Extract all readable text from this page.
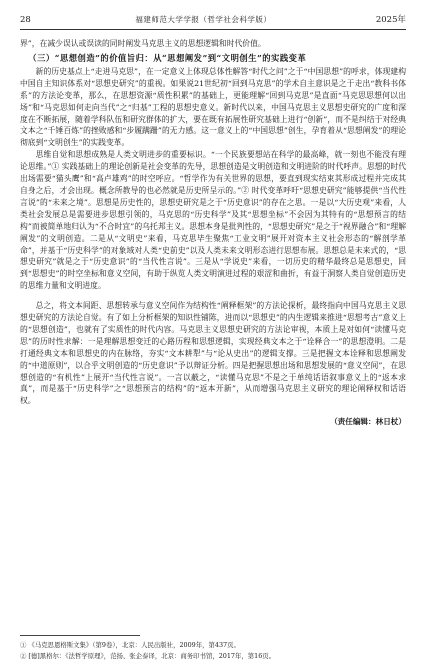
28	福建师范大学学报（哲学社会科学版）	2025年

界”，在减少误认或误读的同时阐发马克思主义的思想逻辑和时代价值。

（三）“思想创造”的价值旨归：从“思想阐发”到“文明创生”的实践变革

新的历史基点上“走进马克思”，在一定意义上体现总体性解答“时代之问”之于“中国思想”的呼求，体现建构中国自主知识体系对“思想史研究”的重视。如果说21世纪初“回到马克思”的学术自主意识是之于走出“教科书体系”的方法论变革，那么，在思想资源“质性积累”的基础上，更能理解“回到马克思”是直面“马克思思想何以出场”和“马克思如何走向当代”之“归基”工程的思想史意义。新时代以来，中国马克思主义思想史研究的广度和深度在不断拓展，随着学科队伍和研究群体的扩大，要在既有拓展性研究基础上进行“创新”，而不是纠结于对经典文本之“千锤百炼”的挫败感和“步履蹒跚”的无力感。这一意义上的“中国思想”创生，孕育着从“思想阐发”的理论彻底到“文明创生”的实践变革。

思维自觉和思想成熟是人类文明进步的重要标识。“一个民族要想站在科学的最高峰，就一刻也不能没有理论思维。”① 实践基础上的理论创新是社会变革的先导，思想创造是文明创造和文明进阶的时代呼声。思想的时代出场需要“猫头鹰”和“高卢雄鸡”的时空呼应。“哲学作为有关世界的思想，要直到现实结束其形成过程并完成其自身之后，才会出现。概念所教导的也必然就是历史所呈示的。”② 时代变革呼吁“思想史研究”能够提供“当代性言说”的“未来之境”。思想是历史性的，思想史研究是之于“历史意识”的存在之思。一是以“大历史观”来看，人类社会发展总是需要进步思想引领的，马克思的“历史科学”及其“思想坐标”不会因为其特有的“思想预言的结构”而被简单地归认为“不合时宜”的乌托邦主义。思想本身是批判性的，“思想史研究”是之于“视界融合”和“理解阐发”的文明创造。二是从“文明史”来看，马克思毕生聚焦“工业文明”展开对资本主义社会形态的“解剖学革命”，并基于“历史科学”的对象域对人类“史前史”以及人类未来文明形态进行思想布展。思想总是未来式的，“思想史研究”就是之于“历史意识”的“当代性言说”。三是从“学说史”来看，一切历史的精华最终总是思想史，回到“思想史”的时空坐标和意义空间，有助于纵览人类文明演进过程的艰涩和曲折，有益于洞察人类自觉创造历史的思维力量和文明进度。

总之，将文本间距、思想转承与意义空间作为结构性“阐释框架”的方法论探析，最终指向中国马克思主义思想史研究的方法论自觉。有了如上分析框架的知识性铺陈，进而以“思想史”的内生逻辑来推进“思想考古”意义上的“思想创造”，也就有了实质性的时代内容。马克思主义思想史研究的方法论审视，本质上是对如何“读懂马克思”的历时性求解：一是理解思想变迁的心路历程和思想逻辑，实现经典文本之于“诠释合一”的思想澄明。二是打通经典文本和思想史的内在脉络，夯实“文本耕犁”与“论从史出”的逻辑支撑。三是把握文本诠释和思想阐发的“中道原则”，以合乎文明创造的“历史意识”予以辩证分析。四是把握思想出场和思想发展的“意义空间”，在思想创造的“有机性”上展开“当代性言说”。一言以蔽之，“读懂马克思”不是之于单纯话语叙事意义上的“返本求真”，而是基于“历史科学”之“思想预言的结构”的“返本开新”，从而增强马克思主义研究的理论阐释权和话语权。

（责任编辑：林日杖）
① 《马克思恩格斯文集》（第9卷），北京：人民出版社，2009年，第437页。
② [德]黑格尔：《法哲学原理》，范扬、张企泰译，北京：商务印书馆，2017年，第16页。
